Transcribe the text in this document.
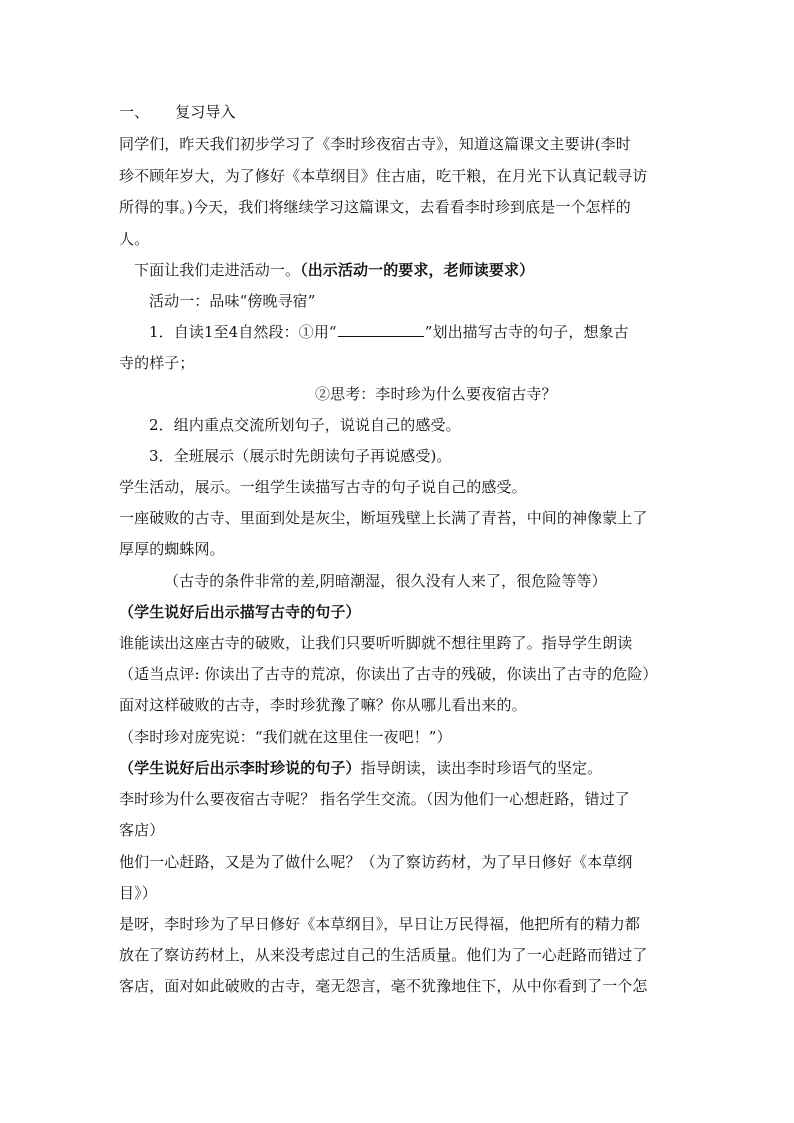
一、 复习导入
同学们，昨天我们初步学习了《李时珍夜宿古寺》，知道这篇课文主要讲(李时
珍不顾年岁大，为了修好《本草纲目》住古庙，吃干粮，在月光下认真记载寻访
所得的事。)今天，我们将继续学习这篇课文，去看看李时珍到底是一个怎样的
人。
下面让我们走进活动一。（出示活动一的要求，老师读要求）
活动一：品味“傍晚寻宿”
1．自读1至4自然段：①用“	”划出描写古寺的句子，想象古
寺的样子；
②思考：李时珍为什么要夜宿古寺？
2．组内重点交流所划句子，说说自己的感受。
3．全班展示（展示时先朗读句子再说感受)。
学生活动，展示。一组学生读描写古寺的句子说自己的感受。
一座破败的古寺、里面到处是灰尘，断垣残壁上长满了青苔，中间的神像蒙上了
厚厚的蜘蛛网。
（古寺的条件非常的差,阴暗潮湿，很久没有人来了，很危险等等）
（学生说好后出示描写古寺的句子）
谁能读出这座古寺的破败，让我们只要听听脚就不想往里跨了。指导学生朗读
（适当点评: 你读出了古寺的荒凉，你读出了古寺的残破，你读出了古寺的危险）
面对这样破败的古寺，李时珍犹豫了嘛？你从哪儿看出来的。
（李时珍对庞宪说：“我们就在这里住一夜吧！”）
（学生说好后出示李时珍说的句子）指导朗读，读出李时珍语气的坚定。
李时珍为什么要夜宿古寺呢？ 指名学生交流。（因为他们一心想赶路，错过了
客店）
他们一心赶路，又是为了做什么呢？（为了察访药材，为了早日修好《本草纲
目》）
是呀，李时珍为了早日修好《本草纲目》，早日让万民得福，他把所有的精力都
放在了察访药材上，从来没考虑过自己的生活质量。他们为了一心赶路而错过了
客店，面对如此破败的古寺，毫无怨言，毫不犹豫地住下，从中你看到了一个怎
